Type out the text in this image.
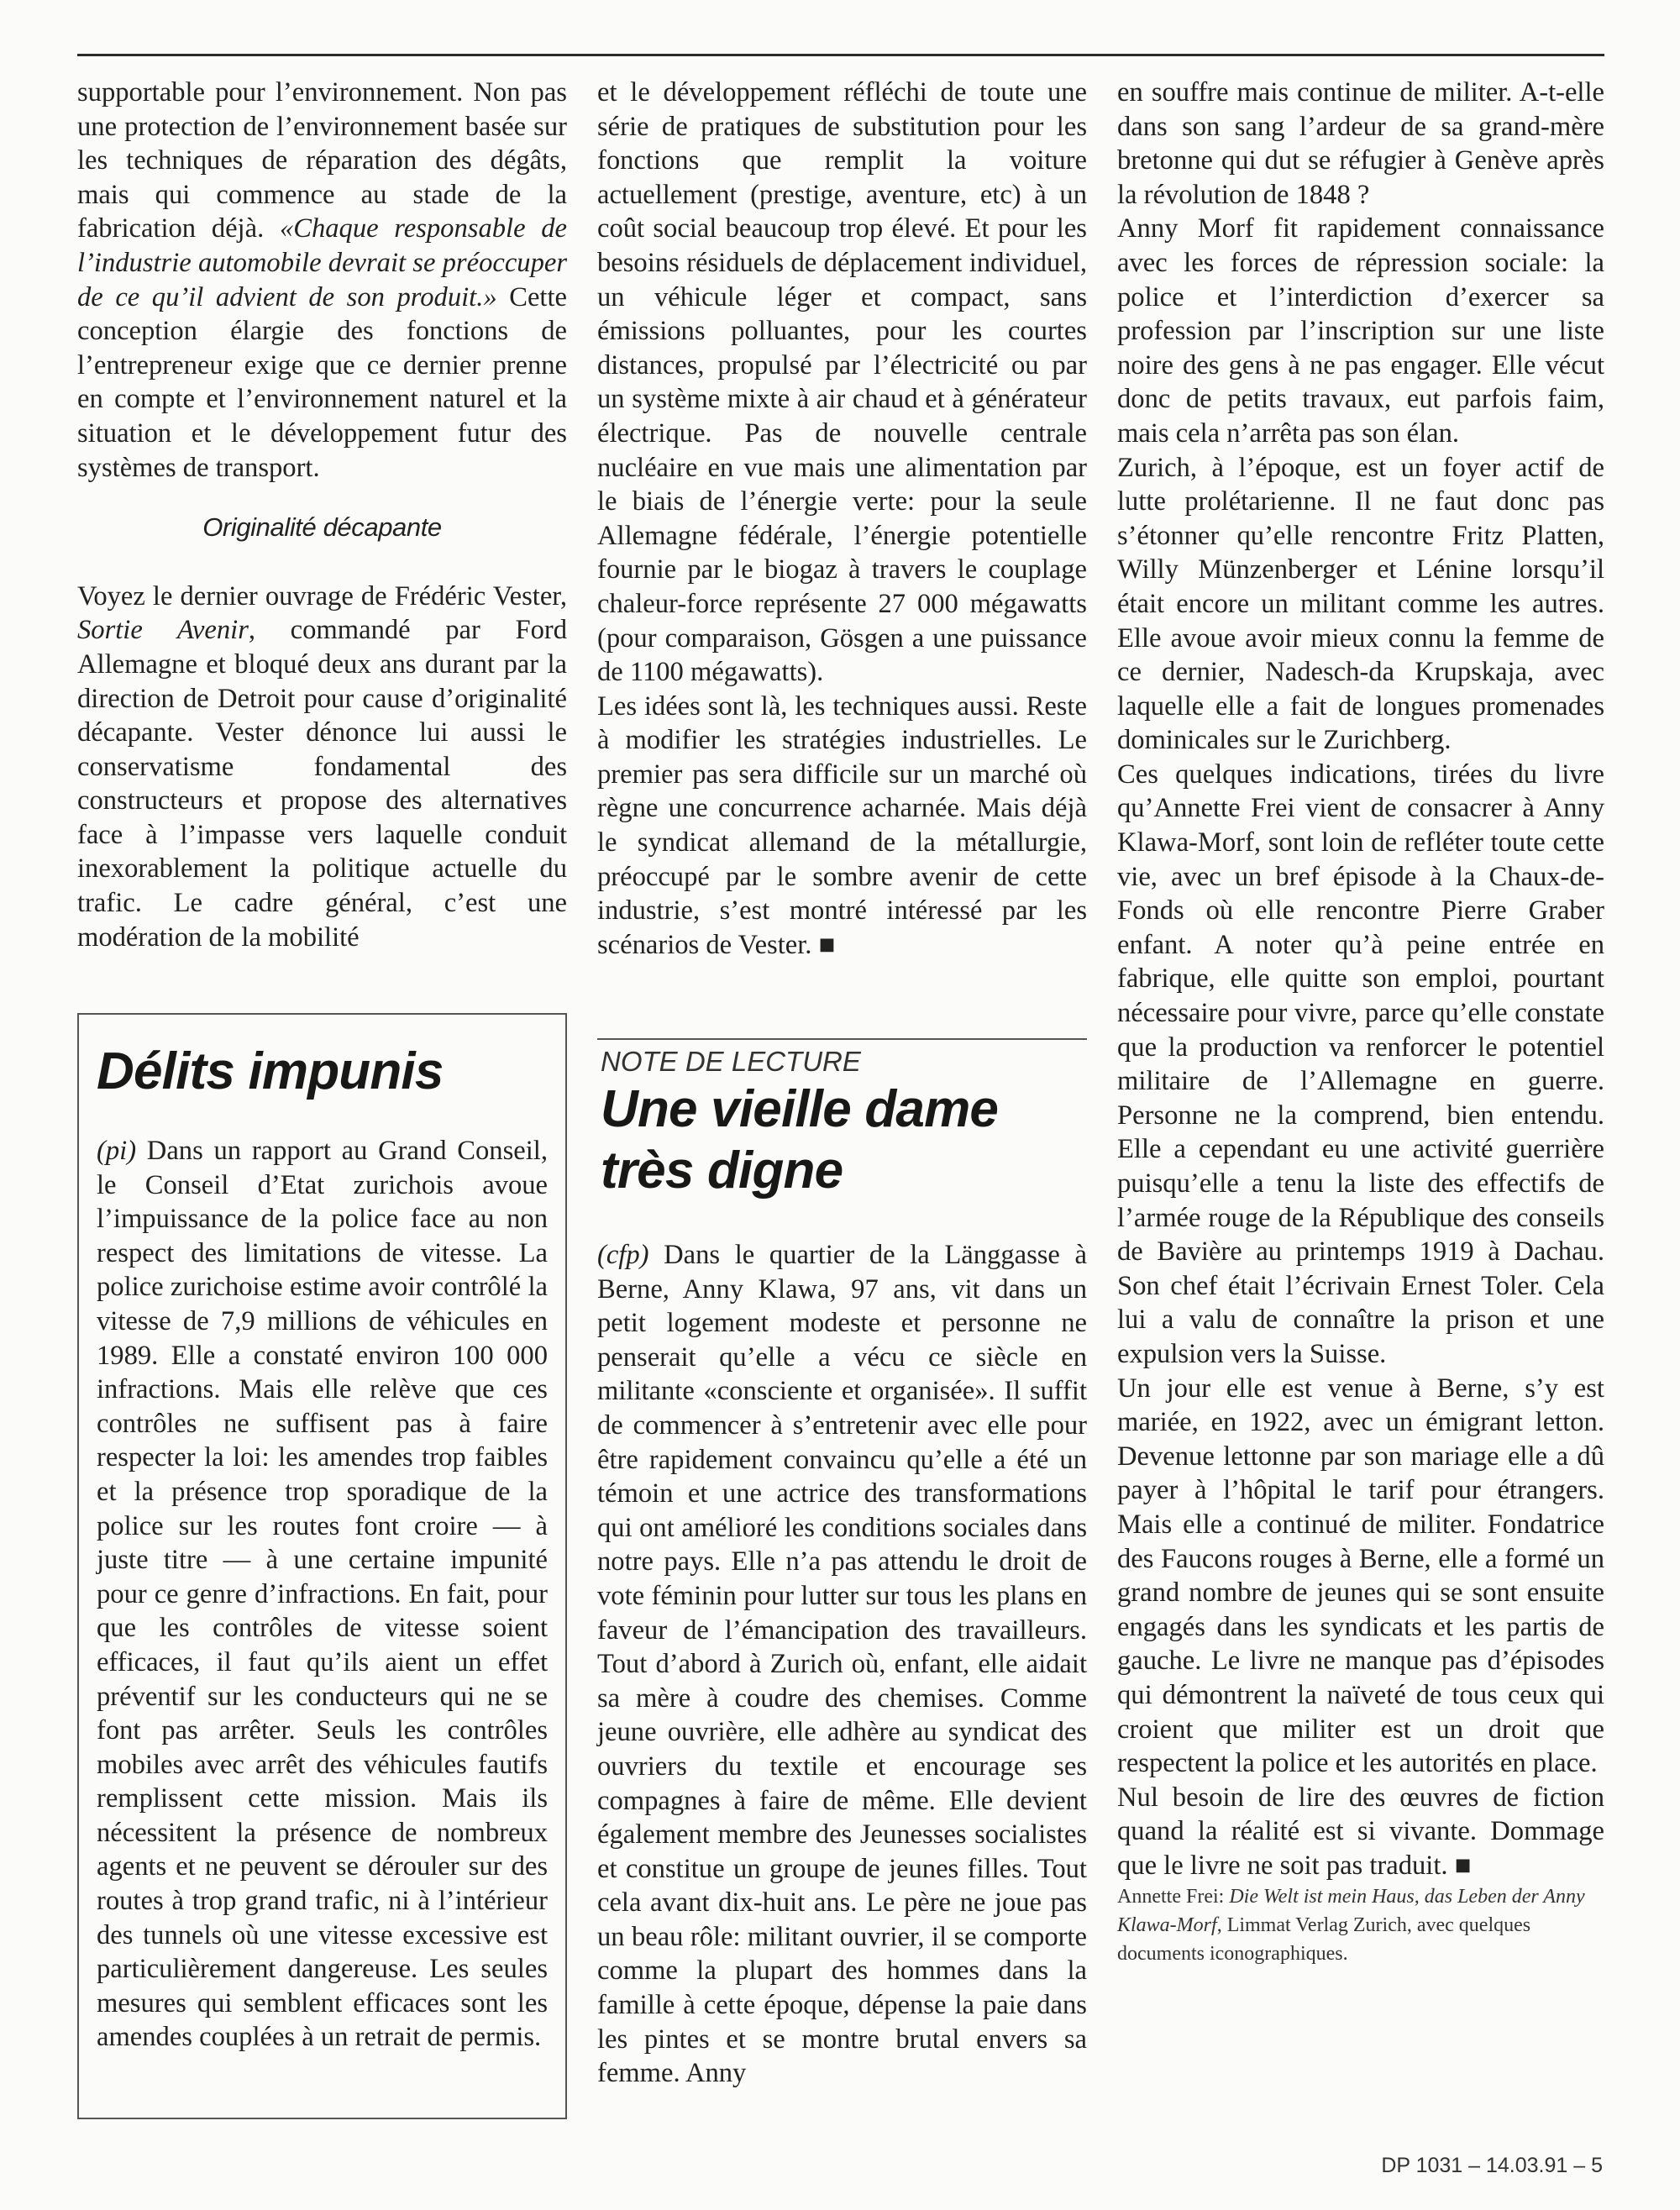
supportable pour l’environnement. Non pas une protection de l’environnement basée sur les techniques de réparation des dégâts, mais qui commence au stade de la fabrication déjà. «Chaque responsable de l’industrie automobile devrait se préoccuper de ce qu’il advient de son produit.» Cette conception élargie des fonctions de l’entrepreneur exige que ce dernier prenne en compte et l’environnement naturel et la situation et le développement futur des systèmes de transport.

Originalité décapante

Voyez le dernier ouvrage de Frédéric Vester, Sortie Avenir, commandé par Ford Allemagne et bloqué deux ans durant par la direction de Detroit pour cause d’originalité décapante. Vester dénonce lui aussi le conservatisme fondamental des constructeurs et propose des alternatives face à l’impasse vers laquelle conduit inexorablement la politique actuelle du trafic. Le cadre général, c’est une modération de la mobilité

et le développement réfléchi de toute une série de pratiques de substitution pour les fonctions que remplit la voiture actuellement (prestige, aventure, etc) à un coût social beaucoup trop élevé. Et pour les besoins résiduels de déplacement individuel, un véhicule léger et compact, sans émissions polluantes, pour les courtes distances, propulsé par l’électricité ou par un système mixte à air chaud et à générateur électrique. Pas de nouvelle centrale nucléaire en vue mais une alimentation par le biais de l’énergie verte: pour la seule Allemagne fédérale, l’énergie potentielle fournie par le biogaz à travers le couplage chaleur-force représente 27 000 mégawatts (pour comparaison, Gösgen a une puissance de 1100 mégawatts).

Les idées sont là, les techniques aussi. Reste à modifier les stratégies industrielles. Le premier pas sera difficile sur un marché où règne une concurrence acharnée. Mais déjà le syndicat allemand de la métallurgie, préoccupé par le sombre avenir de cette industrie, s’est montré intéressé par les scénarios de Vester. ■

Délits impunis

(pi) Dans un rapport au Grand Conseil, le Conseil d’Etat zurichois avoue l’impuissance de la police face au non respect des limitations de vitesse. La police zurichoise estime avoir contrôlé la vitesse de 7,9 millions de véhicules en 1989. Elle a constaté environ 100 000 infractions. Mais elle relève que ces contrôles ne suffisent pas à faire respecter la loi: les amendes trop faibles et la présence trop sporadique de la police sur les routes font croire — à juste titre — à une certaine impunité pour ce genre d’infractions. En fait, pour que les contrôles de vitesse soient efficaces, il faut qu’ils aient un effet préventif sur les conducteurs qui ne se font pas arrêter. Seuls les contrôles mobiles avec arrêt des véhicules fautifs remplissent cette mission. Mais ils nécessitent la présence de nombreux agents et ne peuvent se dérouler sur des routes à trop grand trafic, ni à l’intérieur des tunnels où une vitesse excessive est particulièrement dangereuse. Les seules mesures qui semblent efficaces sont les amendes couplées à un retrait de permis.

NOTE DE LECTURE
Une vieille dame
très digne

(cfp) Dans le quartier de la Länggasse à Berne, Anny Klawa, 97 ans, vit dans un petit logement modeste et personne ne penserait qu’elle a vécu ce siècle en militante «consciente et organisée». Il suffit de commencer à s’entretenir avec elle pour être rapidement convaincu qu’elle a été un témoin et une actrice des transformations qui ont amélioré les conditions sociales dans notre pays. Elle n’a pas attendu le droit de vote féminin pour lutter sur tous les plans en faveur de l’émancipation des travailleurs. Tout d’abord à Zurich où, enfant, elle aidait sa mère à coudre des chemises. Comme jeune ouvrière, elle adhère au syndicat des ouvriers du textile et encourage ses compagnes à faire de même. Elle devient également membre des Jeunesses socialistes et constitue un groupe de jeunes filles. Tout cela avant dix-huit ans. Le père ne joue pas un beau rôle: militant ouvrier, il se comporte comme la plupart des hommes dans la famille à cette époque, dépense la paie dans les pintes et se montre brutal envers sa femme. Anny

en souffre mais continue de militer. A-t-elle dans son sang l’ardeur de sa grand-mère bretonne qui dut se réfugier à Genève après la révolution de 1848 ?

Anny Morf fit rapidement connaissance avec les forces de répression sociale: la police et l’interdiction d’exercer sa profession par l’inscription sur une liste noire des gens à ne pas engager. Elle vécut donc de petits travaux, eut parfois faim, mais cela n’arrêta pas son élan.

Zurich, à l’époque, est un foyer actif de lutte prolétarienne. Il ne faut donc pas s’étonner qu’elle rencontre Fritz Platten, Willy Münzenberger et Lénine lorsqu’il était encore un militant comme les autres. Elle avoue avoir mieux connu la femme de ce dernier, Nadesch-da Krupskaja, avec laquelle elle a fait de longues promenades dominicales sur le Zurichberg.

Ces quelques indications, tirées du livre qu’Annette Frei vient de consacrer à Anny Klawa-Morf, sont loin de refléter toute cette vie, avec un bref épisode à la Chaux-de-Fonds où elle rencontre Pierre Graber enfant. A noter qu’à peine entrée en fabrique, elle quitte son emploi, pourtant nécessaire pour vivre, parce qu’elle constate que la production va renforcer le potentiel militaire de l’Allemagne en guerre. Personne ne la comprend, bien entendu. Elle a cependant eu une activité guerrière puisqu’elle a tenu la liste des effectifs de l’armée rouge de la République des conseils de Bavière au printemps 1919 à Dachau. Son chef était l’écrivain Ernest Toler. Cela lui a valu de connaître la prison et une expulsion vers la Suisse.

Un jour elle est venue à Berne, s’y est mariée, en 1922, avec un émigrant letton. Devenue lettonne par son mariage elle a dû payer à l’hôpital le tarif pour étrangers. Mais elle a continué de militer. Fondatrice des Faucons rouges à Berne, elle a formé un grand nombre de jeunes qui se sont ensuite engagés dans les syndicats et les partis de gauche. Le livre ne manque pas d’épisodes qui démontrent la naïveté de tous ceux qui croient que militer est un droit que respectent la police et les autorités en place.

Nul besoin de lire des œuvres de fiction quand la réalité est si vivante. Dommage que le livre ne soit pas traduit. ■

Annette Frei: Die Welt ist mein Haus, das Leben der Anny Klawa-Morf, Limmat Verlag Zurich, avec quelques documents iconographiques.

DP 1031 – 14.03.91 – 5
